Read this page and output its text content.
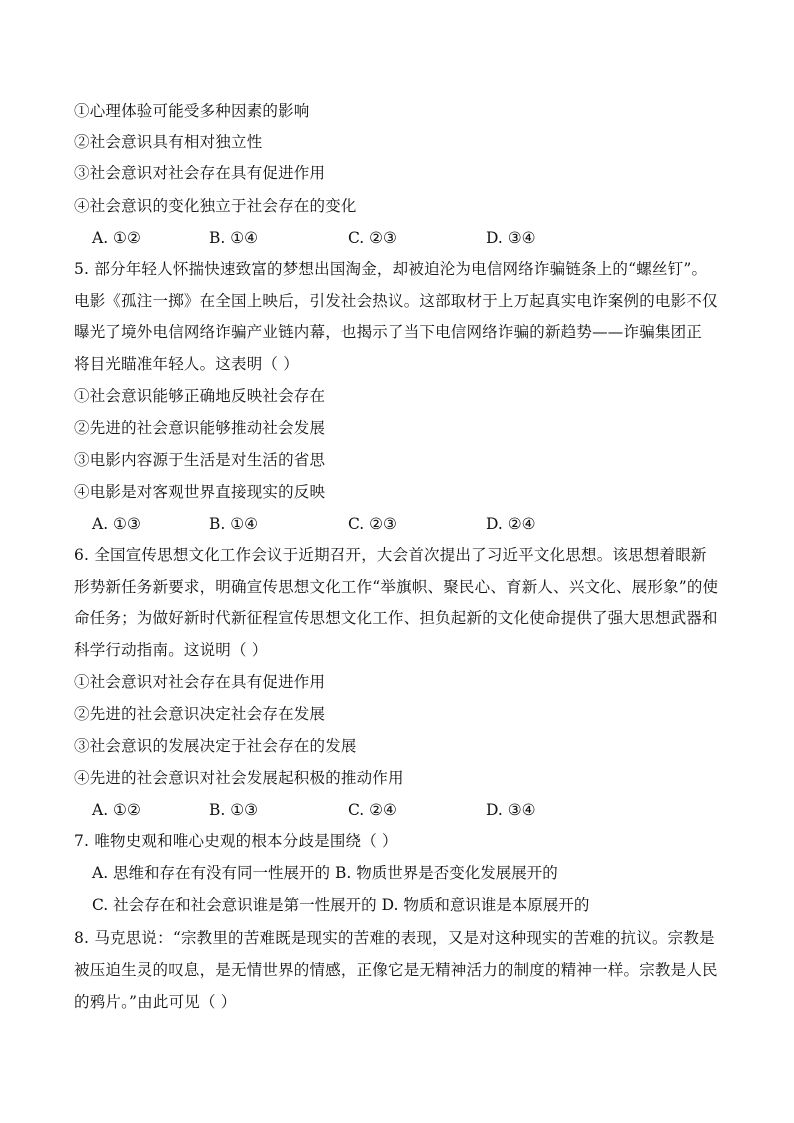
①心理体验可能受多种因素的影响
②社会意识具有相对独立性
③社会意识对社会存在具有促进作用
④社会意识的变化独立于社会存在的变化
A. ①②	B. ①④	C. ②③	D. ③④
5. 部分年轻人怀揣快速致富的梦想出国淘金，却被迫沦为电信网络诈骗链条上的“螺丝钉”。
电影《孤注一掷》在全国上映后，引发社会热议。这部取材于上万起真实电诈案例的电影不仅
曝光了境外电信网络诈骗产业链内幕，也揭示了当下电信网络诈骗的新趋势——诈骗集团正
将目光瞄准年轻人。这表明（ ）
①社会意识能够正确地反映社会存在
②先进的社会意识能够推动社会发展
③电影内容源于生活是对生活的省思
④电影是对客观世界直接现实的反映
A. ①③	B. ①④	C. ②③	D. ②④
6. 全国宣传思想文化工作会议于近期召开，大会首次提出了习近平文化思想。该思想着眼新
形势新任务新要求，明确宣传思想文化工作“举旗帜、聚民心、育新人、兴文化、展形象”的使
命任务；为做好新时代新征程宣传思想文化工作、担负起新的文化使命提供了强大思想武器和
科学行动指南。这说明（ ）
①社会意识对社会存在具有促进作用
②先进的社会意识决定社会存在发展
③社会意识的发展决定于社会存在的发展
④先进的社会意识对社会发展起积极的推动作用
A. ①②	B. ①③	C. ②④	D. ③④
7. 唯物史观和唯心史观的根本分歧是围绕（ ）
A. 思维和存在有没有同一性展开的 B. 物质世界是否变化发展展开的
C. 社会存在和社会意识谁是第一性展开的 D. 物质和意识谁是本原展开的
8. 马克思说：“宗教里的苦难既是现实的苦难的表现，又是对这种现实的苦难的抗议。宗教是
被压迫生灵的叹息，是无情世界的情感，正像它是无精神活力的制度的精神一样。宗教是人民
的鸦片。”由此可见（ ）
